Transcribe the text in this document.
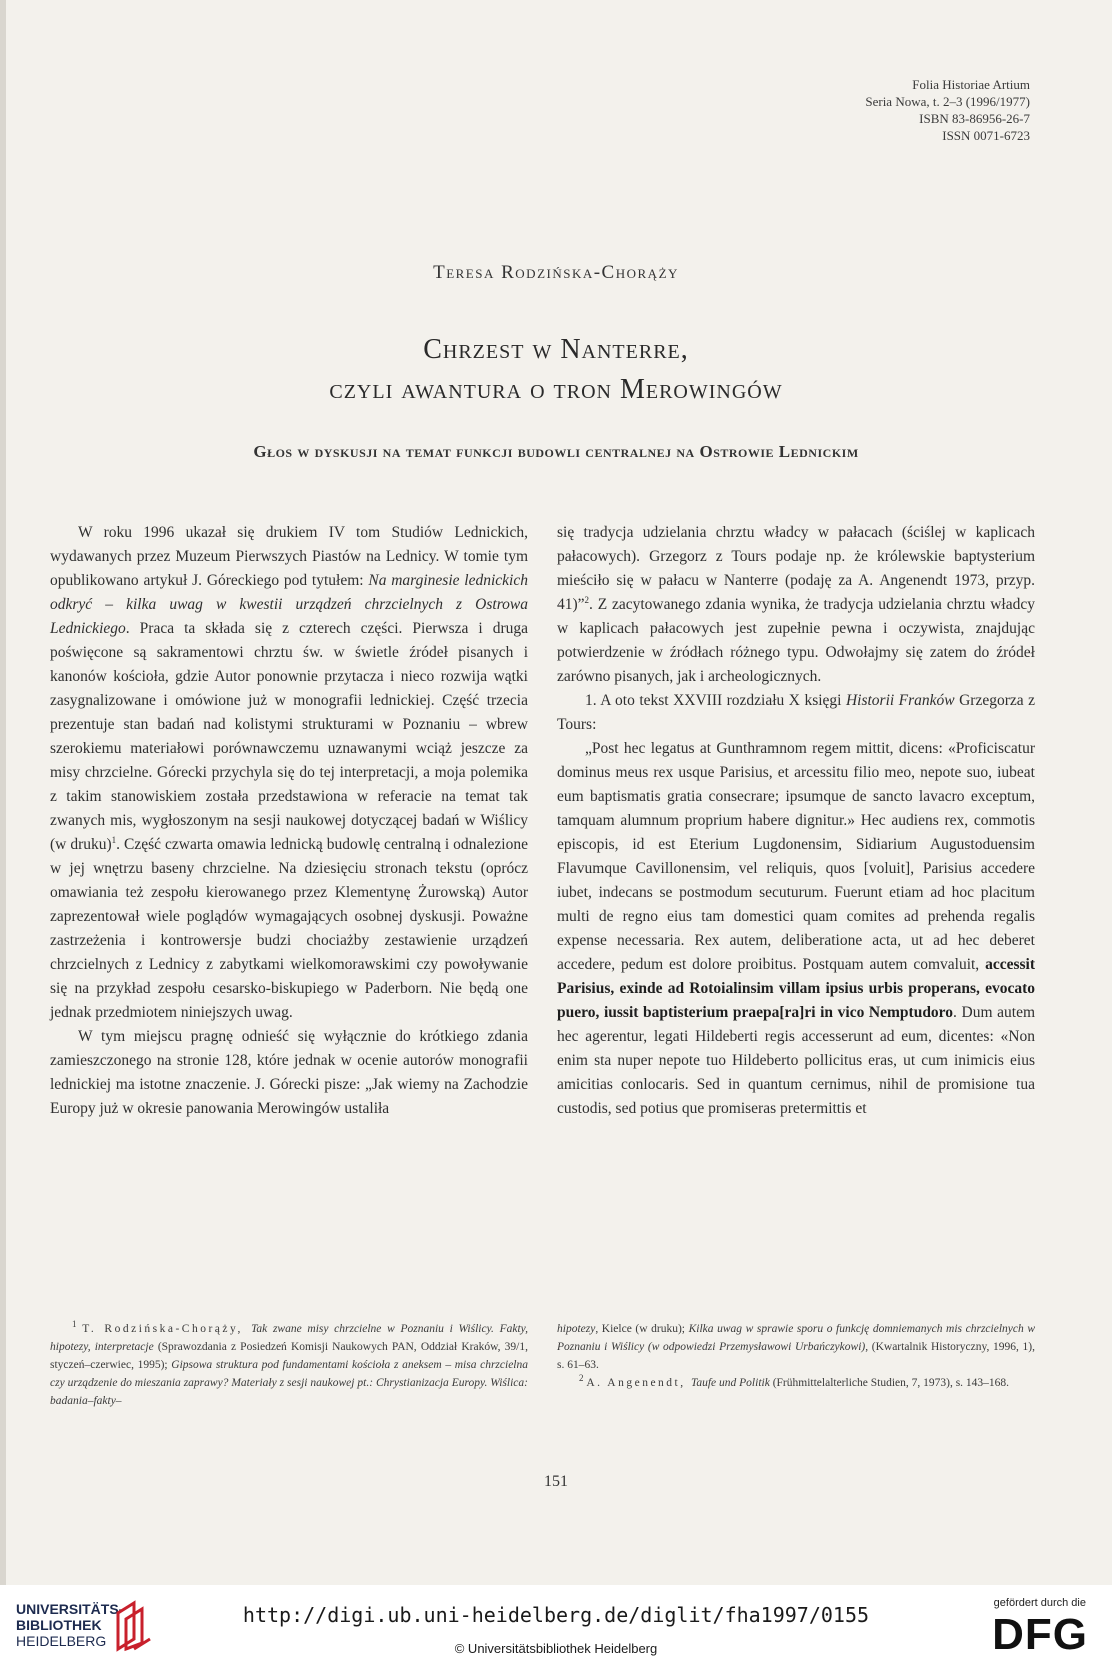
Folia Historiae Artium
Seria Nowa, t. 2–3 (1996/1977)
ISBN 83-86956-26-7
ISSN 0071-6723
Teresa Rodzińska-Chorąży
Chrzest w Nanterre,
czyli awantura o tron Merowingów
Głos w dyskusji na temat funkcji budowli centralnej na Ostrowie Lednickim

W roku 1996 ukazał się drukiem IV tom Studiów Lednickich, wydawanych przez Muzeum Pierwszych Piastów na Lednicy. W tomie tym opublikowano artykuł J. Góreckiego pod tytułem: Na marginesie lednickich odkryć – kilka uwag w kwestii urządzeń chrzcielnych z Ostrowa Lednickiego. Praca ta składa się z czterech części. Pierwsza i druga poświęcone są sakramentowi chrztu św. w świetle źródeł pisanych i kanonów kościoła, gdzie Autor ponownie przytacza i nieco rozwija wątki zasygnalizowane i omówione już w monografii lednickiej. Część trzecia prezentuje stan badań nad kolistymi strukturami w Poznaniu – wbrew szerokiemu materiałowi porównawczemu uznawanymi wciąż jeszcze za misy chrzcielne. Górecki przychyla się do tej interpretacji, a moja polemika z takim stanowiskiem została przedstawiona w referacie na temat tak zwanych mis, wygłoszonym na sesji naukowej dotyczącej badań w Wiślicy (w druku)$^1$. Część czwarta omawia lednicką budowlę centralną i odnalezione w jej wnętrzu baseny chrzcielne. Na dziesięciu stronach tekstu (oprócz omawiania też zespołu kierowanego przez Klementynę Żurowską) Autor zaprezentował wiele poglądów wymagających osobnej dyskusji. Poważne zastrzeżenia i kontrowersje budzi chociażby zestawienie urządzeń chrzcielnych z Lednicy z zabytkami wielkomorawskimi czy powoływanie się na przykład zespołu cesarsko-biskupiego w Paderborn. Nie będą one jednak przedmiotem niniejszych uwag.

W tym miejscu pragnę odnieść się wyłącznie do krótkiego zdania zamieszczonego na stronie 128, które jednak w ocenie autorów monografii lednickiej ma istotne znaczenie. J. Górecki pisze: „Jak wiemy na Zachodzie Europy już w okresie panowania Merowingów ustaliła

się tradycja udzielania chrztu władcy w pałacach (ściślej w kaplicach pałacowych). Grzegorz z Tours podaje np. że królewskie baptysterium mieściło się w pałacu w Nanterre (podaję za A. Angenendt 1973, przyp. 41)”$^2$. Z zacytowanego zdania wynika, że tradycja udzielania chrztu władcy w kaplicach pałacowych jest zupełnie pewna i oczywista, znajdując potwierdzenie w źródłach różnego typu. Odwołajmy się zatem do źródeł zarówno pisanych, jak i archeologicznych.

1. A oto tekst XXVIII rozdziału X księgi Historii Franków Grzegorza z Tours:

„Post hec legatus at Gunthramnom regem mittit, dicens: «Proficiscatur dominus meus rex usque Parisius, et arcessitu filio meo, nepote suo, iubeat eum baptismatis gratia consecrare; ipsumque de sancto lavacro exceptum, tamquam alumnum proprium habere dignitur.» Hec audiens rex, commotis episcopis, id est Eterium Lugdonensim, Sidiarium Augustoduensim Flavumque Cavillonensim, vel reliquis, quos [voluit], Parisius accedere iubet, indecans se postmodum secuturum. Fuerunt etiam ad hoc placitum multi de regno eius tam domestici quam comites ad prehenda regalis expense necessaria. Rex autem, deliberatione acta, ut ad hec deberet accedere, pedum est dolore proibitus. Postquam autem comvaluit, accessit Parisius, exinde ad Rotoialinsim villam ipsius urbis properans, evocato puero, iussit baptisterium praepa[ra]ri in vico Nemptudoro. Dum autem hec agerentur, legati Hildeberti regis accesserunt ad eum, dicentes: «Non enim sta nuper nepote tuo Hildeberto pollicitus eras, ut cum inimicis eius amicitias conlocaris. Sed in quantum cernimus, nihil de promisione tua custodis, sed potius que promiseras pretermittis et

$^1$ T. Rodzińska-Chorąży, Tak zwane misy chrzcielne w Poznaniu i Wiślicy. Fakty, hipotezy, interpretacje (Sprawozdania z Posiedzeń Komisji Naukowych PAN, Oddział Kraków, 39/1, styczeń–czerwiec, 1995); Gipsowa struktura pod fundamentami kościoła z aneksem – misa chrzcielna czy urządzenie do mieszania zaprawy? Materiały z sesji naukowej pt.: Chrystianizacja Europy. Wiślica: badania–fakty–

hipotezy, Kielce (w druku); Kilka uwag w sprawie sporu o funkcję domniemanych mis chrzcielnych w Poznaniu i Wiślicy (w odpowiedzi Przemysławowi Urbańczykowi), (Kwartalnik Historyczny, 1996, 1), s. 61–63.

$^2$ A. Angenendt, Taufe und Politik (Frühmittelalterliche Studien, 7, 1973), s. 143–168.

151
UNIVERSITÄTS-
BIBLIOTHEK
HEIDELBERG
http://digi.ub.uni-heidelberg.de/diglit/fha1997/0155
© Universitätsbibliothek Heidelberg
gefördert durch die
DFG
